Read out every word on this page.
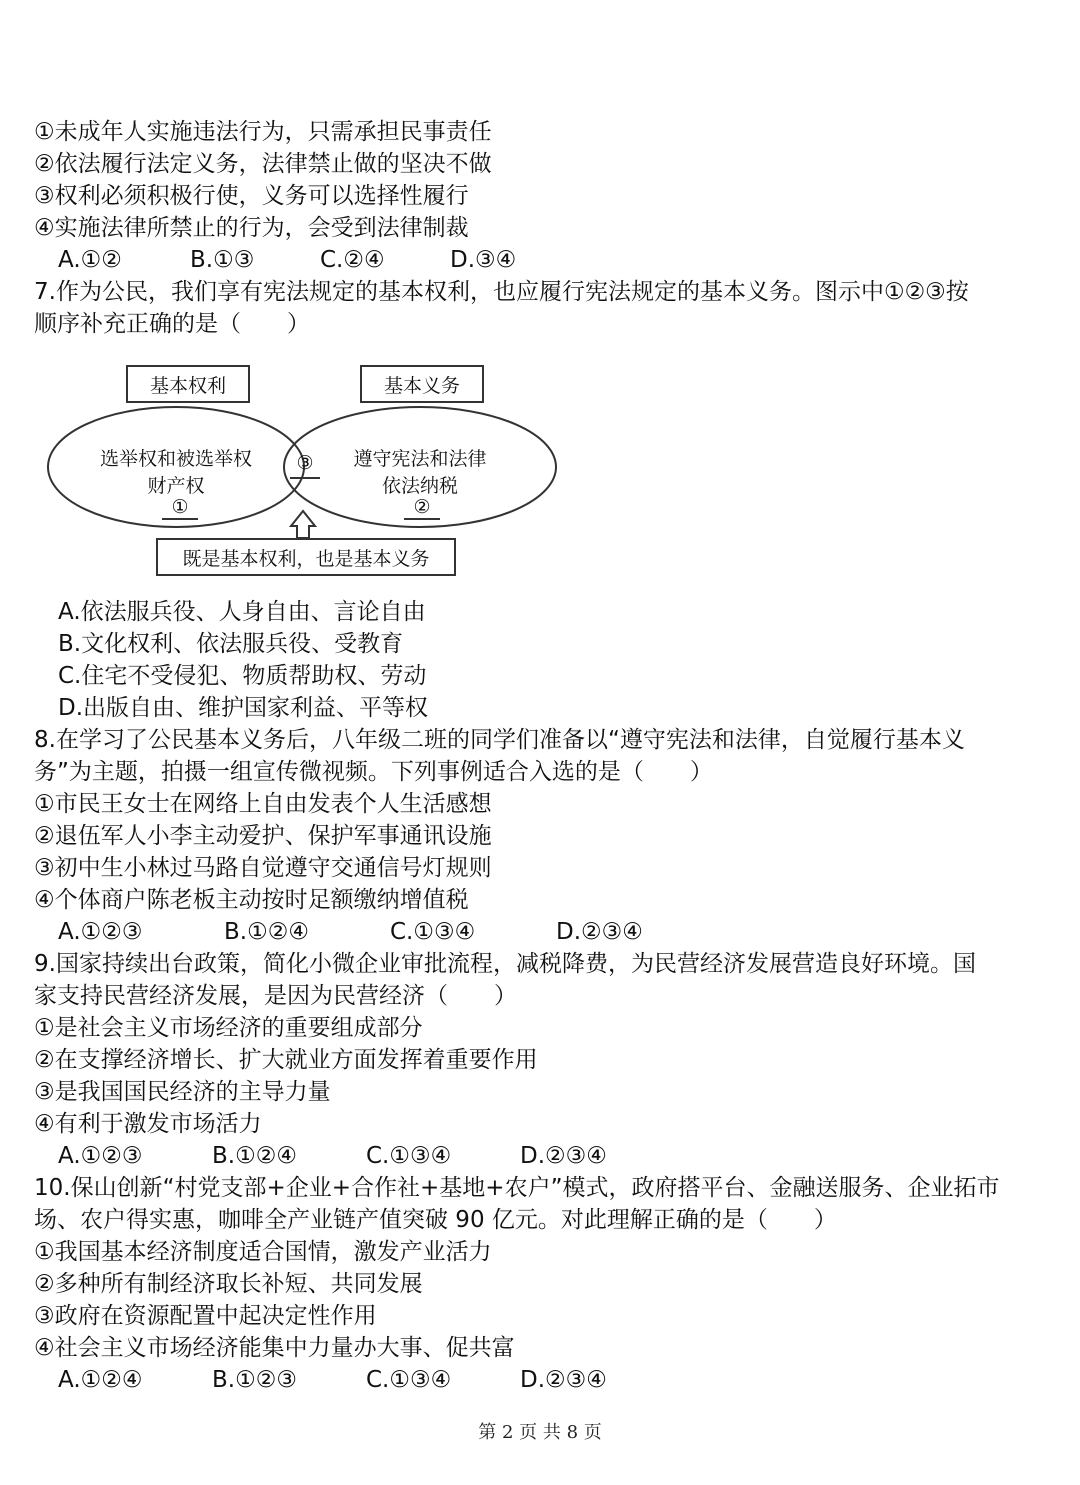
①未成年人实施违法行为，只需承担民事责任
②依法履行法定义务，法律禁止做的坚决不做
③权利必须积极行使，义务可以选择性履行
④实施法律所禁止的行为，会受到法律制裁
A.①②	B.①③	C.②④	D.③④
7.作为公民，我们享有宪法规定的基本权利，也应履行宪法规定的基本义务。图示中①②③按
顺序补充正确的是（　　）
基本权利	基本义务
选举权和被选举权
财产权
①
遵守宪法和法律
依法纳税
②
③
既是基本权利，也是基本义务
A.依法服兵役、人身自由、言论自由
B.文化权利、依法服兵役、受教育
C.住宅不受侵犯、物质帮助权、劳动
D.出版自由、维护国家利益、平等权
8.在学习了公民基本义务后，八年级二班的同学们准备以“遵守宪法和法律，自觉履行基本义
务”为主题，拍摄一组宣传微视频。下列事例适合入选的是（　　）
①市民王女士在网络上自由发表个人生活感想
②退伍军人小李主动爱护、保护军事通讯设施
③初中生小林过马路自觉遵守交通信号灯规则
④个体商户陈老板主动按时足额缴纳增值税
A.①②③	B.①②④	C.①③④	D.②③④
9.国家持续出台政策，简化小微企业审批流程，减税降费，为民营经济发展营造良好环境。国
家支持民营经济发展，是因为民营经济（　　）
①是社会主义市场经济的重要组成部分
②在支撑经济增长、扩大就业方面发挥着重要作用
③是我国国民经济的主导力量
④有利于激发市场活力
A.①②③	B.①②④	C.①③④	D.②③④
10.保山创新“村党支部+企业+合作社+基地+农户”模式，政府搭平台、金融送服务、企业拓市
场、农户得实惠，咖啡全产业链产值突破 90 亿元。对此理解正确的是（　　）
①我国基本经济制度适合国情，激发产业活力
②多种所有制经济取长补短、共同发展
③政府在资源配置中起决定性作用
④社会主义市场经济能集中力量办大事、促共富
A.①②④	B.①②③	C.①③④	D.②③④
第 2 页 共 8 页
